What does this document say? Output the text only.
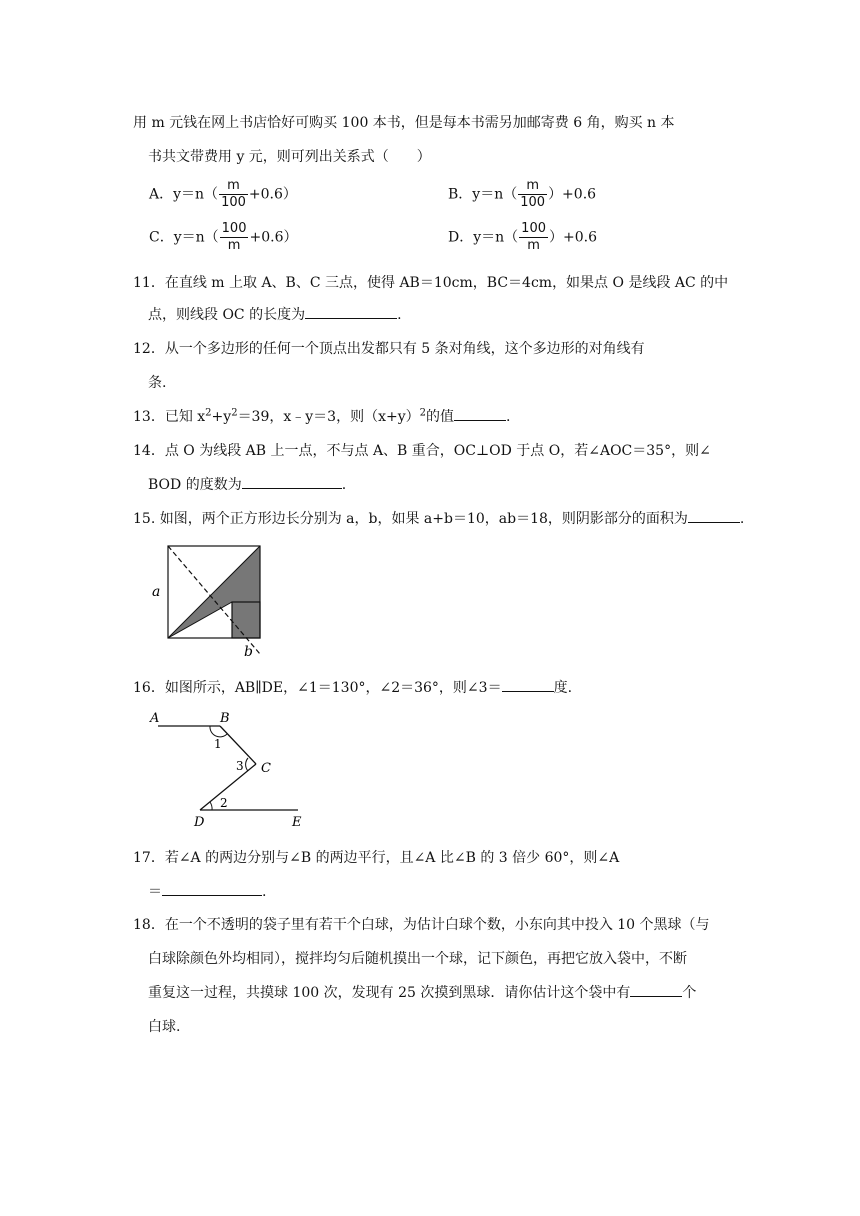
用 m 元钱在网上书店恰好可购买 100 本书，但是每本书需另加邮寄费 6 角，购买 n 本
书共文带费用 y 元，则可列出关系式（　　）
A．$y=n( \frac{m}{100} +0.6)$	B．$y=n( \frac{m}{100} )+0.6$
C．$y=n( \frac{100}{m} +0.6)$	D．$y=n( \frac{100}{m} )+0.6$
11．在直线 m 上取 A、B、C 三点，使得 AB＝10cm，BC＝4cm，如果点 O 是线段 AC 的中
点，则线段 OC 的长度为	.
12．从一个多边形的任何一个顶点出发都只有 5 条对角线，这个多边形的对角线有
条.
13．已知 $x^2+y^2=39$，x﹣y＝3，则$(x+y)^2$的值	.
14．点 O 为线段 AB 上一点，不与点 A、B 重合，OC⊥OD 于点 O，若∠AOC＝35°，则∠
BOD 的度数为	.
15. 如图，两个正方形边长分别为 a，b，如果 a+b＝10，ab＝18，则阴影部分的面积为	.
a
b
16．如图所示，AB∥DE，∠1＝130°，∠2＝36°，则∠3＝	度.
A	B
C
D	E
1
2
3
17．若∠A 的两边分别与∠B 的两边平行，且∠A 比∠B 的 3 倍少 60°，则∠A
＝	.
18．在一个不透明的袋子里有若干个白球，为估计白球个数，小东向其中投入 10 个黑球（与
白球除颜色外均相同），搅拌均匀后随机摸出一个球，记下颜色，再把它放入袋中，不断
重复这一过程，共摸球 100 次，发现有 25 次摸到黑球．请你估计这个袋中有	个
白球.
